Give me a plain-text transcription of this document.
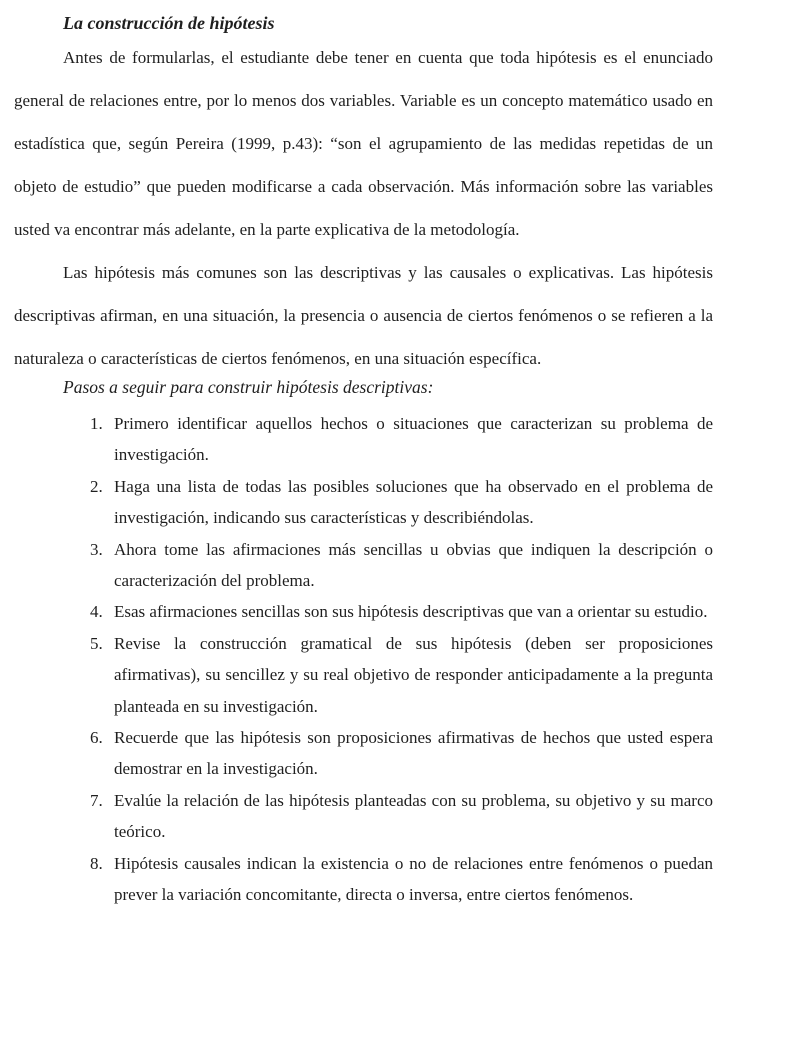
La construcción de hipótesis

Antes de formularlas, el estudiante debe tener en cuenta que toda hipótesis es el enunciado general de relaciones entre, por lo menos dos variables. Variable es un concepto matemático usado en estadística que, según Pereira (1999, p.43): “son el agrupamiento de las medidas repetidas de un objeto de estudio” que pueden modificarse a cada observación. Más información sobre las variables usted va encontrar más adelante, en la parte explicativa de la metodología.

Las hipótesis más comunes son las descriptivas y las causales o explicativas. Las hipótesis descriptivas afirman, en una situación, la presencia o ausencia de ciertos fenómenos o se refieren a la naturaleza o características de ciertos fenómenos, en una situación específica.

Pasos a seguir para construir hipótesis descriptivas:

1. Primero identificar aquellos hechos o situaciones que caracterizan su problema de investigación.
2. Haga una lista de todas las posibles soluciones que ha observado en el problema de investigación, indicando sus características y describiéndolas.
3. Ahora tome las afirmaciones más sencillas u obvias que indiquen la descripción o caracterización del problema.
4. Esas afirmaciones sencillas son sus hipótesis descriptivas que van a orientar su estudio.
5. Revise la construcción gramatical de sus hipótesis (deben ser proposiciones afirmativas), su sencillez y su real objetivo de responder anticipadamente a la pregunta planteada en su investigación.
6. Recuerde que las hipótesis son proposiciones afirmativas de hechos que usted espera demostrar en la investigación.
7. Evalúe la relación de las hipótesis planteadas con su problema, su objetivo y su marco teórico.
8. Hipótesis causales indican la existencia o no de relaciones entre fenómenos o puedan prever la variación concomitante, directa o inversa, entre ciertos fenómenos.
